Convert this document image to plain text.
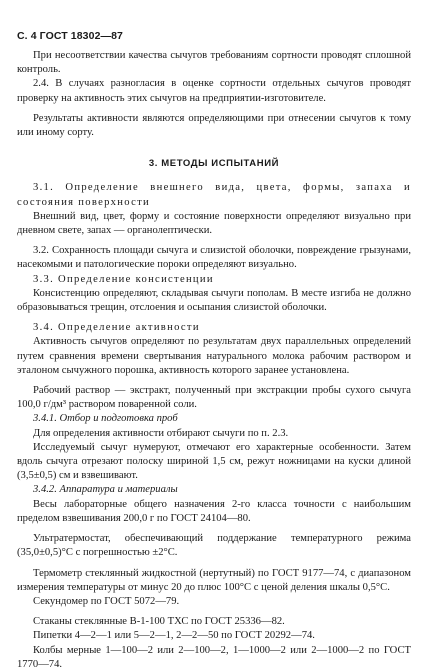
С. 4 ГОСТ 18302—87

При несоответствии качества сычугов требованиям сортности проводят сплошной контроль.

2.4. В случаях разногласия в оценке сортности отдельных сычугов проводят проверку на активность этих сычугов на предприятии-изготовителе.

Результаты активности являются определяющими при отнесении сычугов к тому или иному сорту.

3. МЕТОДЫ ИСПЫТАНИЙ

3.1. Определение внешнего вида, цвета, формы, запаха и состояния поверхности

Внешний вид, цвет, форму и состояние поверхности определяют визуально при дневном свете, запах — органолептически.

3.2. Сохранность площади сычуга и слизистой оболочки, повреждение грызунами, насекомыми и патологические пороки определяют визуально.

3.3. Определение консистенции

Консистенцию определяют, складывая сычуги пополам. В месте изгиба не должно образовываться трещин, отслоения и осыпания слизистой оболочки.

3.4. Определение активности

Активность сычугов определяют по результатам двух параллельных определений путем сравнения времени свертывания натурального молока рабочим раствором и эталоном сычужного порошка, активность которого заранее установлена.

Рабочий раствор — экстракт, полученный при экстракции пробы сухого сычуга 100,0 г/дм³ раствором поваренной соли.

3.4.1. Отбор и подготовка проб

Для определения активности отбирают сычуги по п. 2.3.

Исследуемый сычуг нумеруют, отмечают его характерные особенности. Затем вдоль сычуга отрезают полоску шириной 1,5 см, режут ножницами на куски длиной (3,5±0,5) см и взвешивают.

3.4.2. Аппаратура и материалы

Весы лабораторные общего назначения 2-го класса точности с наибольшим пределом взвешивания 200,0 г по ГОСТ 24104—80.

Ультратермостат, обеспечивающий поддержание температурного режима (35,0±0,5)°С с погрешностью ±2°С.

Термометр стеклянный жидкостной (нертутный) по ГОСТ 9177—74, с диапазоном измерения температуры от минус 20 до плюс 100°С с ценой деления шкалы 0,5°С.

Секундомер по ГОСТ 5072—79.

Стаканы стеклянные В-1-100 ТХС по ГОСТ 25336—82.

Пипетки 4—2—1 или 5—2—1, 2—2—50 по ГОСТ 20292—74.

Колбы мерные 1—100—2 или 2—100—2, 1—1000—2 или 2—1000—2 по ГОСТ 1770—74.
